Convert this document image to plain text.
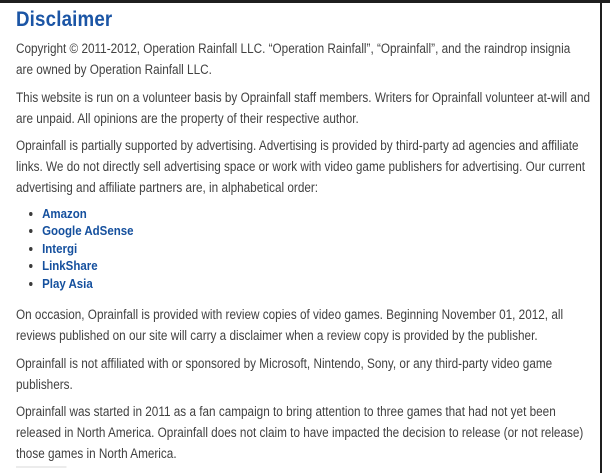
Disclaimer

Copyright © 2011-2012, Operation Rainfall LLC. “Operation Rainfall”, “Oprainfall”, and the raindrop insignia are owned by Operation Rainfall LLC.

This website is run on a volunteer basis by Oprainfall staff members. Writers for Oprainfall volunteer at-will and are unpaid. All opinions are the property of their respective author.

Oprainfall is partially supported by advertising. Advertising is provided by third-party ad agencies and affiliate links. We do not directly sell advertising space or work with video game publishers for advertising. Our current advertising and affiliate partners are, in alphabetical order:

• Amazon
• Google AdSense
• Intergi
• LinkShare
• Play Asia

On occasion, Oprainfall is provided with review copies of video games. Beginning November 01, 2012, all reviews published on our site will carry a disclaimer when a review copy is provided by the publisher.

Oprainfall is not affiliated with or sponsored by Microsoft, Nintendo, Sony, or any third-party video game publishers.

Oprainfall was started in 2011 as a fan campaign to bring attention to three games that had not yet been released in North America. Oprainfall does not claim to have impacted the decision to release (or not release) those games in North America.
